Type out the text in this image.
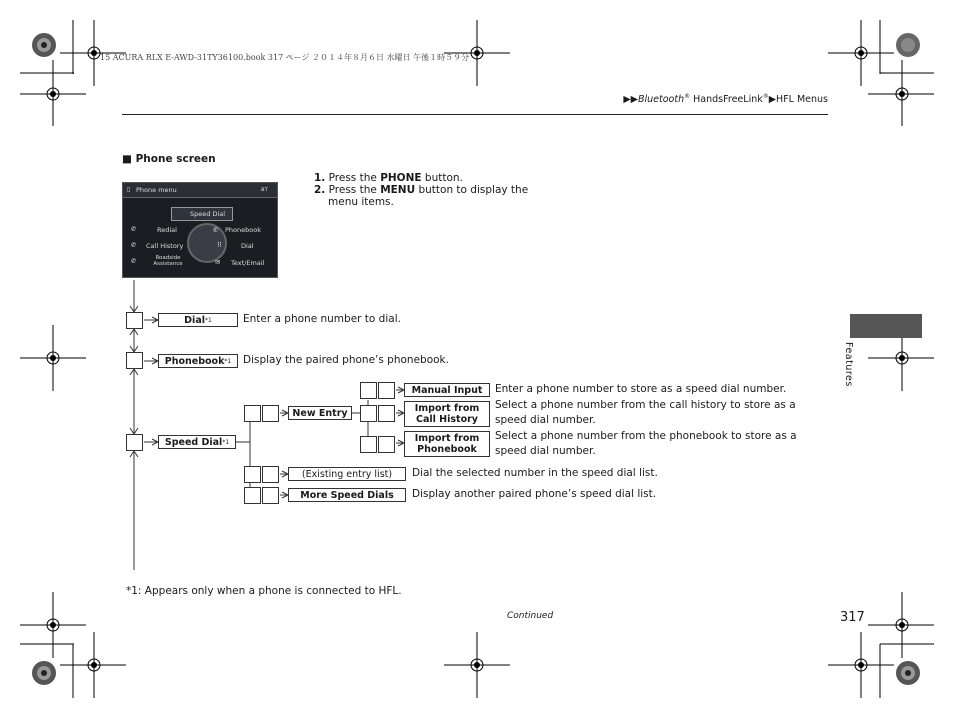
15 ACURA RLX E-AWD-31TY36100.book 317 ページ ２０１４年８月６日 水曜日 午後１時５９分
▶▶Bluetooth® HandsFreeLink®▶HFL Menus
■ Phone screen
1. Press the PHONE button.
2. Press the MENU button to display the
menu items.
▯ Phone menu	ʙᴛ
Speed Dial
✆	Redial	✆ Phonebook
✆ Call History	⠿	Dial
✆	Roadside Assistance	✉ Text/Email
Dial *1	Enter a phone number to dial.
Phonebook *1 Display the paired phone’s phonebook.
Speed Dial *1
New Entry
Manual Input	Enter a phone number to store as a speed dial number.
Import from
Call History
Select a phone number from the call history to store as a
speed dial number.
Import from
Phonebook
Select a phone number from the phonebook to store as a
speed dial number.
(Existing entry list)	Dial the selected number in the speed dial list.
More Speed Dials	Display another paired phone’s speed dial list.
*1: Appears only when a phone is connected to HFL.
Continued	317
Features
